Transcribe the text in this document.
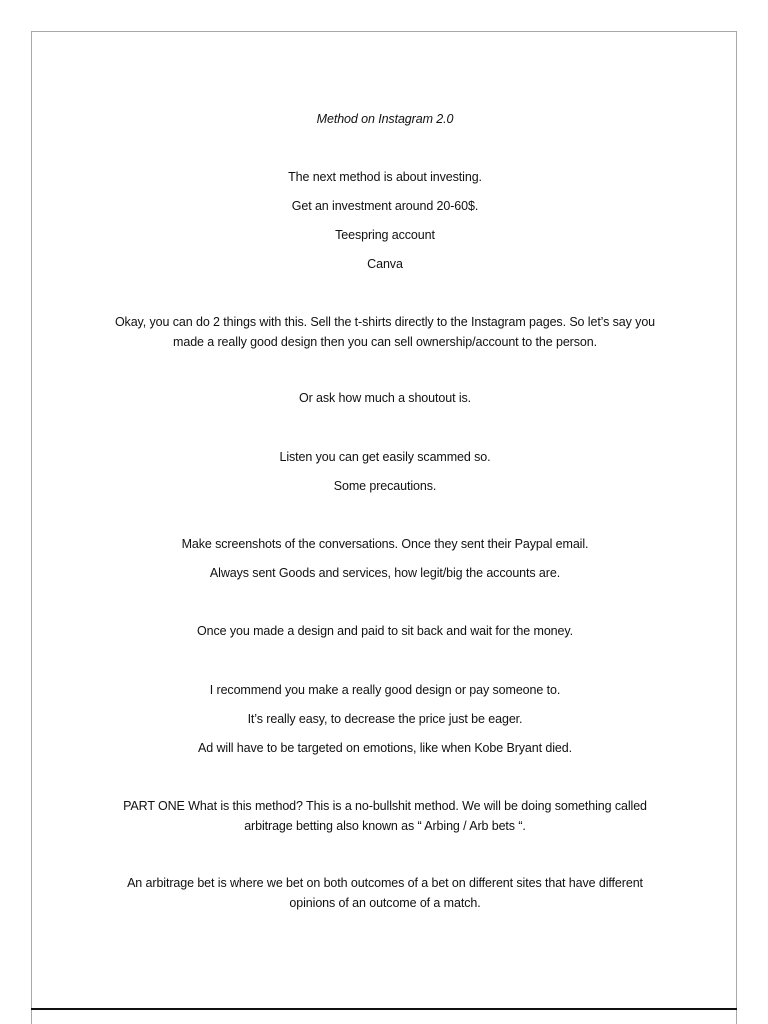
Method on Instagram 2.0

The next method is about investing.

Get an investment around 20-60$.

Teespring account

Canva

Okay, you can do 2 things with this. Sell the t-shirts directly to the Instagram pages. So let’s say you made a really good design then you can sell ownership/account to the person.

Or ask how much a shoutout is.

Listen you can get easily scammed so.

Some precautions.

Make screenshots of the conversations. Once they sent their Paypal email.

Always sent Goods and services, how legit/big the accounts are.

Once you made a design and paid to sit back and wait for the money.

I recommend you make a really good design or pay someone to.

It’s really easy, to decrease the price just be eager.

Ad will have to be targeted on emotions, like when Kobe Bryant died.

PART ONE What is this method? This is a no-bullshit method. We will be doing something called arbitrage betting also known as “ Arbing / Arb bets “.

An arbitrage bet is where we bet on both outcomes of a bet on different sites that have different opinions of an outcome of a match.
